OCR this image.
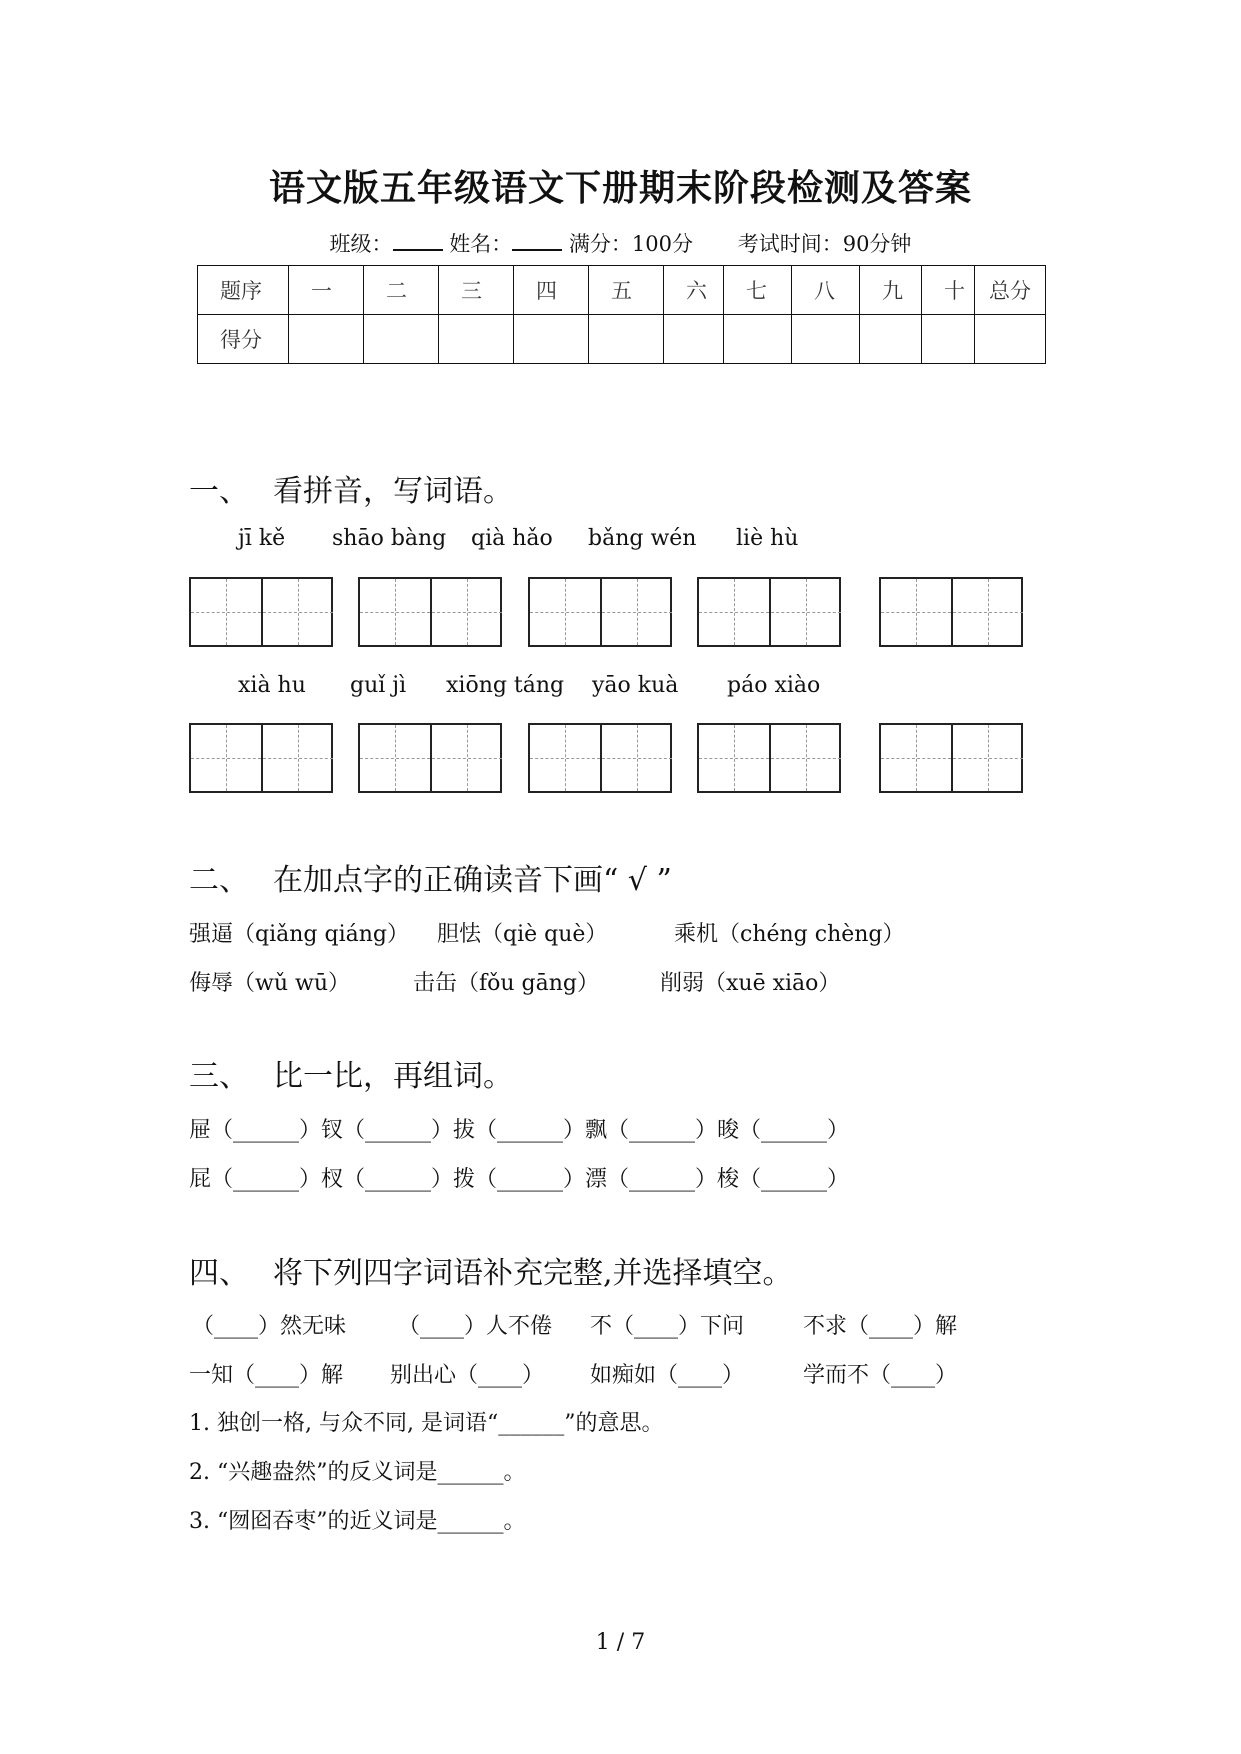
语文版五年级语文下册期末阶段检测及答案
班级：	姓名：	满分：100分 考试时间：90分钟
题序	一	二	三	四	五	六	七	八	九	十	总分
得分											
一、 看拼音，写词语。
jī kě shāo bàng qià hǎo bǎng wén liè hù
xià hu guǐ jì xiōng táng yāo kuà páo xiào
二、 在加点字的正确读音下画“ √ ”
强逼（qiǎng qiáng） 胆怯（qiè què）	乘机（chéng chèng）
侮辱（wǔ wū）	击缶（fǒu gāng）	削弱（xuē xiāo）
三、 比一比，再组词。
屉（______）钗（______）拔（______）飘（______）晙（______）
屁（______）杈（______）拨（______）漂（______）梭（______）
四、 将下列四字词语补充完整,并选择填空。
（____）然无味 （____）人不倦 不（____）下问	不求（____）解
一知（____）解 别出心（____） 如痴如（____）	学而不（____）
1. 独创一格, 与众不同, 是词语“______”的意思。
2. “兴趣盎然”的反义词是______。
3. “囫囵吞枣”的近义词是______。
1 / 7
